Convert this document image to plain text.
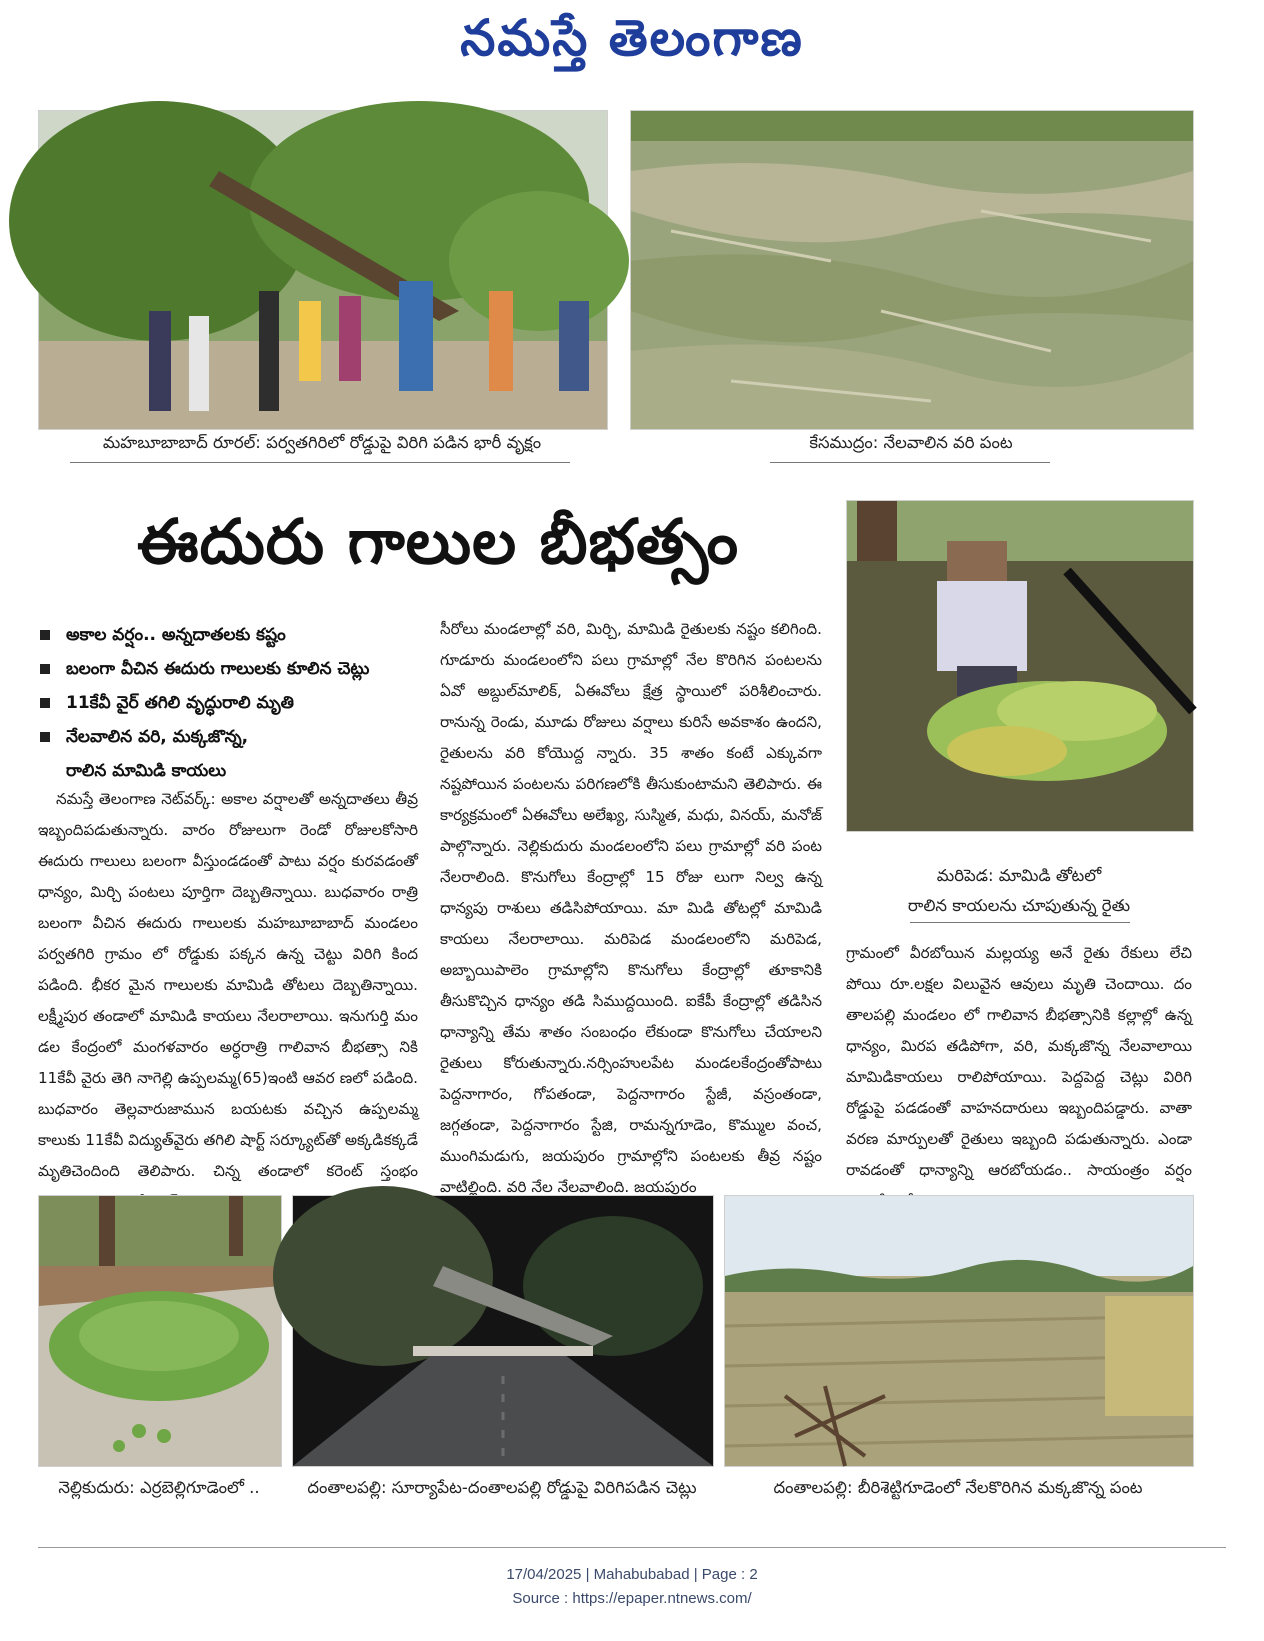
నమస్తే తెలంగాణ
మహబూబాబాద్ రూరల్: పర్వతగిరిలో రోడ్డుపై విరిగి పడిన భారీ వృక్షం	కేసముద్రం: నేలవాలిన వరి పంట
ఈదురు గాలుల బీభత్సం
మరిపెడ: మామిడి తోటలో
రాలిన కాయలను చూపుతున్న రైతు
అకాల వర్షం.. అన్నదాతలకు కష్టం
బలంగా వీచిన ఈదురు గాలులకు కూలిన చెట్లు
11కేవీ వైర్ తగిలి వృద్ధురాలి మృతి
నేలవాలిన వరి, మక్కజొన్న,
రాలిన మామిడి కాయలు

నమస్తే తెలంగాణ నెట్‌వర్క్: అకాల వర్షాలతో అన్నదాతలు తీవ్ర ఇబ్బందిపడుతున్నారు. వారం రోజులుగా రెండో రోజులకోసారి ఈదురు గాలులు బలంగా వీస్తుండడంతో పాటు వర్షం కురవడంతో ధాన్యం, మిర్చి పంటలు పూర్తిగా దెబ్బతిన్నాయి. బుధవారం రాత్రి బలంగా వీచిన ఈదురు గాలులకు మహబూబాబాద్ మండలం పర్వతగిరి గ్రామం లో రోడ్డుకు పక్కన ఉన్న చెట్టు విరిగి కింద పడింది. భీకర మైన గాలులకు మామిడి తోటలు దెబ్బతిన్నాయి. లక్ష్మీపుర తండాలో మామిడి కాయలు నేలరాలాయి. ఇనుగుర్తి మం డల కేంద్రంలో మంగళవారం అర్ధరాత్రి గాలివాన బీభత్సా నికి 11కేవీ వైరు తెగి నాగెల్లి ఉప్పలమ్మ(65)ఇంటి ఆవర ణలో పడింది. బుధవారం తెల్లవారుజామున బయటకు వచ్చిన ఉప్పలమ్మ కాలుకు 11కేవీ విద్యుత్‌వైరు తగిలి షార్ట్ సర్క్యూట్‌తో అక్కడికక్కడే మృతిచెందింది తెలిపారు. చిన్న తండాలో కరెంట్ స్తంభం

సీరోలు మండలాల్లో వరి, మిర్చి, మామిడి రైతులకు నష్టం కలిగింది. గూడూరు మండలంలోని పలు గ్రామాల్లో నేల కొరిగిన పంటలను ఏవో అబ్దుల్‌మాలిక్, ఏఈవోలు క్షేత్ర స్థాయిలో పరిశీలించారు. రానున్న రెండు, మూడు రోజులు వర్షాలు కురిసే అవకాశం ఉందని, రైతులను వరి కోయొద్ద న్నారు. 35 శాతం కంటే ఎక్కువగా నష్టపోయిన పంటలను పరిగణలోకి తీసుకుంటామని తెలిపారు. ఈ కార్యక్రమంలో ఏఈవోలు అలేఖ్య, సుస్మిత, మధు, వినయ్, మనోజ్ పాల్గొన్నారు. నెల్లికుదురు మండలంలోని పలు గ్రామాల్లో వరి పంట నేలరాలింది. కొనుగోలు కేంద్రాల్లో 15 రోజు లుగా నిల్వ ఉన్న ధాన్యపు రాశులు తడిసిపోయాయి. మా మిడి తోటల్లో మామిడి కాయలు నేలరాలాయి. మరిపెడ మండలంలోని మరిపెడ, అబ్బాయిపాలెం గ్రామాల్లోని కొనుగోలు కేంద్రాల్లో తూకానికి తీసుకొచ్చిన ధాన్యం తడి సిముద్దయింది. ఐకేపీ కేంద్రాల్లో తడిసిన ధాన్యాన్ని తేమ శాతం సంబంధం లేకుండా కొనుగోలు చేయాలని రైతులు కోరుతున్నారు.నర్సింహులపేట మండలకేంద్రంతోపాటు పెద్దనాగారం, గోపతండా, పెద్దనాగారం స్టేజీ, వస్రంతండా, జగ్గతండా, పెద్దనాగారం స్టేజి, రామన్నగూడెం, కొమ్ముల వంచ, ముంగిమడుగు, జయపురం గ్రామాల్లోని పంటలకు తీవ్ర నష్టం వాటిల్లింది. వరి నేల నేలవాలింది. జయపురం

గ్రామంలో వీరబోయిన మల్లయ్య అనే రైతు రేకులు లేచి పోయి రూ.లక్షల విలువైన ఆవులు మృతి చెందాయి. దం తాలపల్లి మండలం లో గాలివాన బీభత్సానికి కల్లాల్లో ఉన్న ధాన్యం, మిరప తడిపోగా, వరి, మక్కజొన్న నేలవాలాయి మామిడికాయలు రాలిపోయాయి. పెద్దపెద్ద చెట్లు విరిగి రోడ్డుపై పడడంతో వాహనదారులు ఇబ్బందిపడ్డారు. వాతా వరణ మార్పులతో రైతులు ఇబ్బంది పడుతున్నారు. ఎండా రావడంతో ధాన్యాన్ని ఆరబోయడం.. సాయంత్రం వర్షం

నెల్లికుదురు: ఎర్రబెల్లిగూడెంలో ..	దంతాలపల్లి: సూర్యాపేట-దంతాలపల్లి రోడ్డుపై విరిగిపడిన చెట్లు	దంతాలపల్లి: బీరిశెట్టిగూడెంలో నేలకొరిగిన మక్కజొన్న పంట
17/04/2025 | Mahabubabad | Page : 2
Source : https://epaper.ntnews.com/
